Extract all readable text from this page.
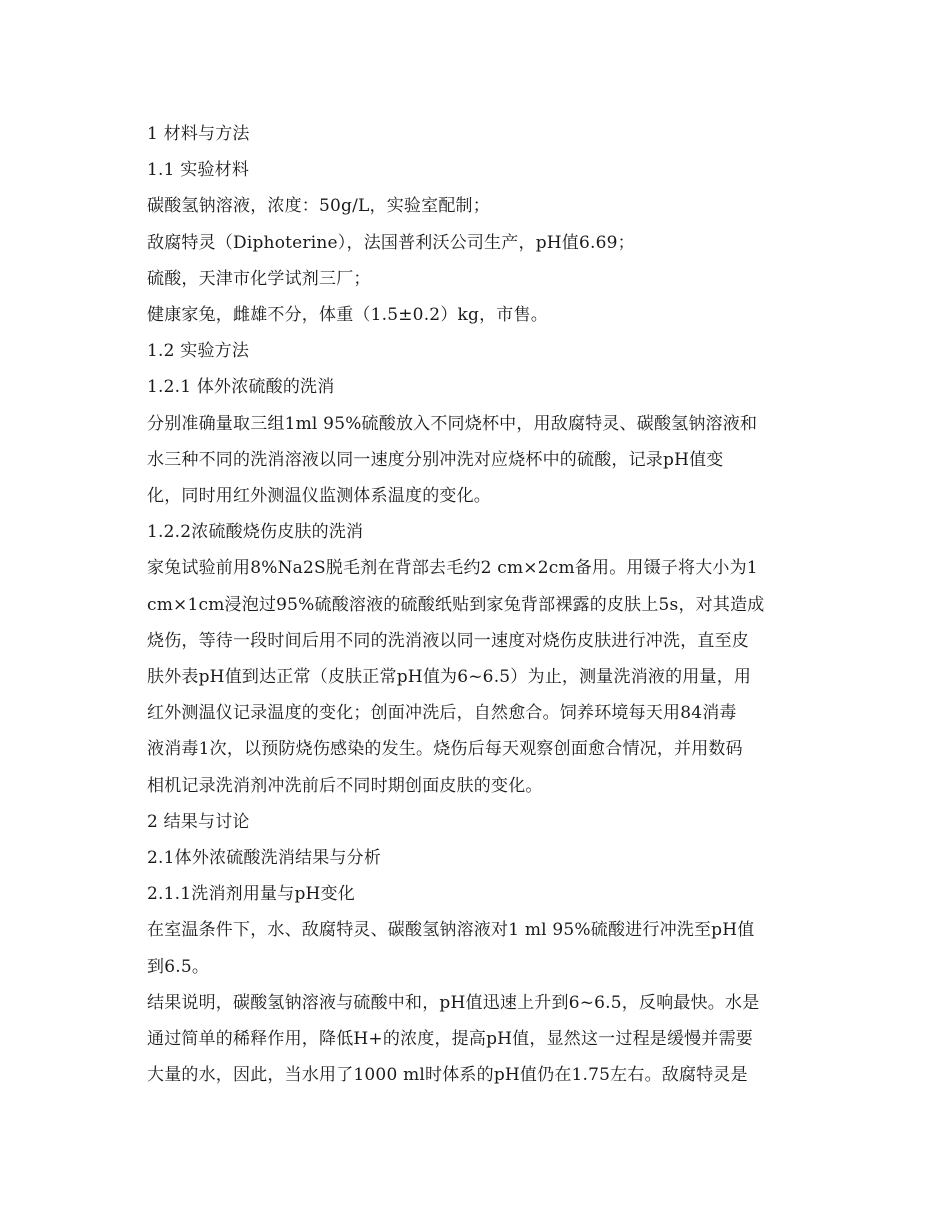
1 材料与方法

1.1 实验材料

碳酸氢钠溶液，浓度：50g/L，实验室配制；

敌腐特灵（Diphoterine），法国普利沃公司生产，pH值6.69；

硫酸，天津市化学试剂三厂；

健康家兔，雌雄不分，体重（1.5±0.2）kg，市售。

1.2 实验方法

1.2.1 体外浓硫酸的洗消

分别准确量取三组1ml 95%硫酸放入不同烧杯中，用敌腐特灵、碳酸氢钠溶液和

水三种不同的洗消溶液以同一速度分别冲洗对应烧杯中的硫酸，记录pH值变

化，同时用红外测温仪监测体系温度的变化。

1.2.2浓硫酸烧伤皮肤的洗消

家兔试验前用8%Na2S脱毛剂在背部去毛约2 cm×2cm备用。用镊子将大小为1

cm×1cm浸泡过95%硫酸溶液的硫酸纸贴到家兔背部裸露的皮肤上5s，对其造成

烧伤，等待一段时间后用不同的洗消液以同一速度对烧伤皮肤进行冲洗，直至皮

肤外表pH值到达正常（皮肤正常pH值为6~6.5）为止，测量洗消液的用量，用

红外测温仪记录温度的变化；创面冲洗后，自然愈合。饲养环境每天用84消毒

液消毒1次，以预防烧伤感染的发生。烧伤后每天观察创面愈合情况，并用数码

相机记录洗消剂冲洗前后不同时期创面皮肤的变化。

2 结果与讨论

2.1体外浓硫酸洗消结果与分析

2.1.1洗消剂用量与pH变化

在室温条件下，水、敌腐特灵、碳酸氢钠溶液对1 ml 95%硫酸进行冲洗至pH值

到6.5。

结果说明，碳酸氢钠溶液与硫酸中和，pH值迅速上升到6~6.5，反响最快。水是

通过简单的稀释作用，降低H+的浓度，提高pH值，显然这一过程是缓慢并需要

大量的水，因此，当水用了1000 ml时体系的pH值仍在1.75左右。敌腐特灵是
